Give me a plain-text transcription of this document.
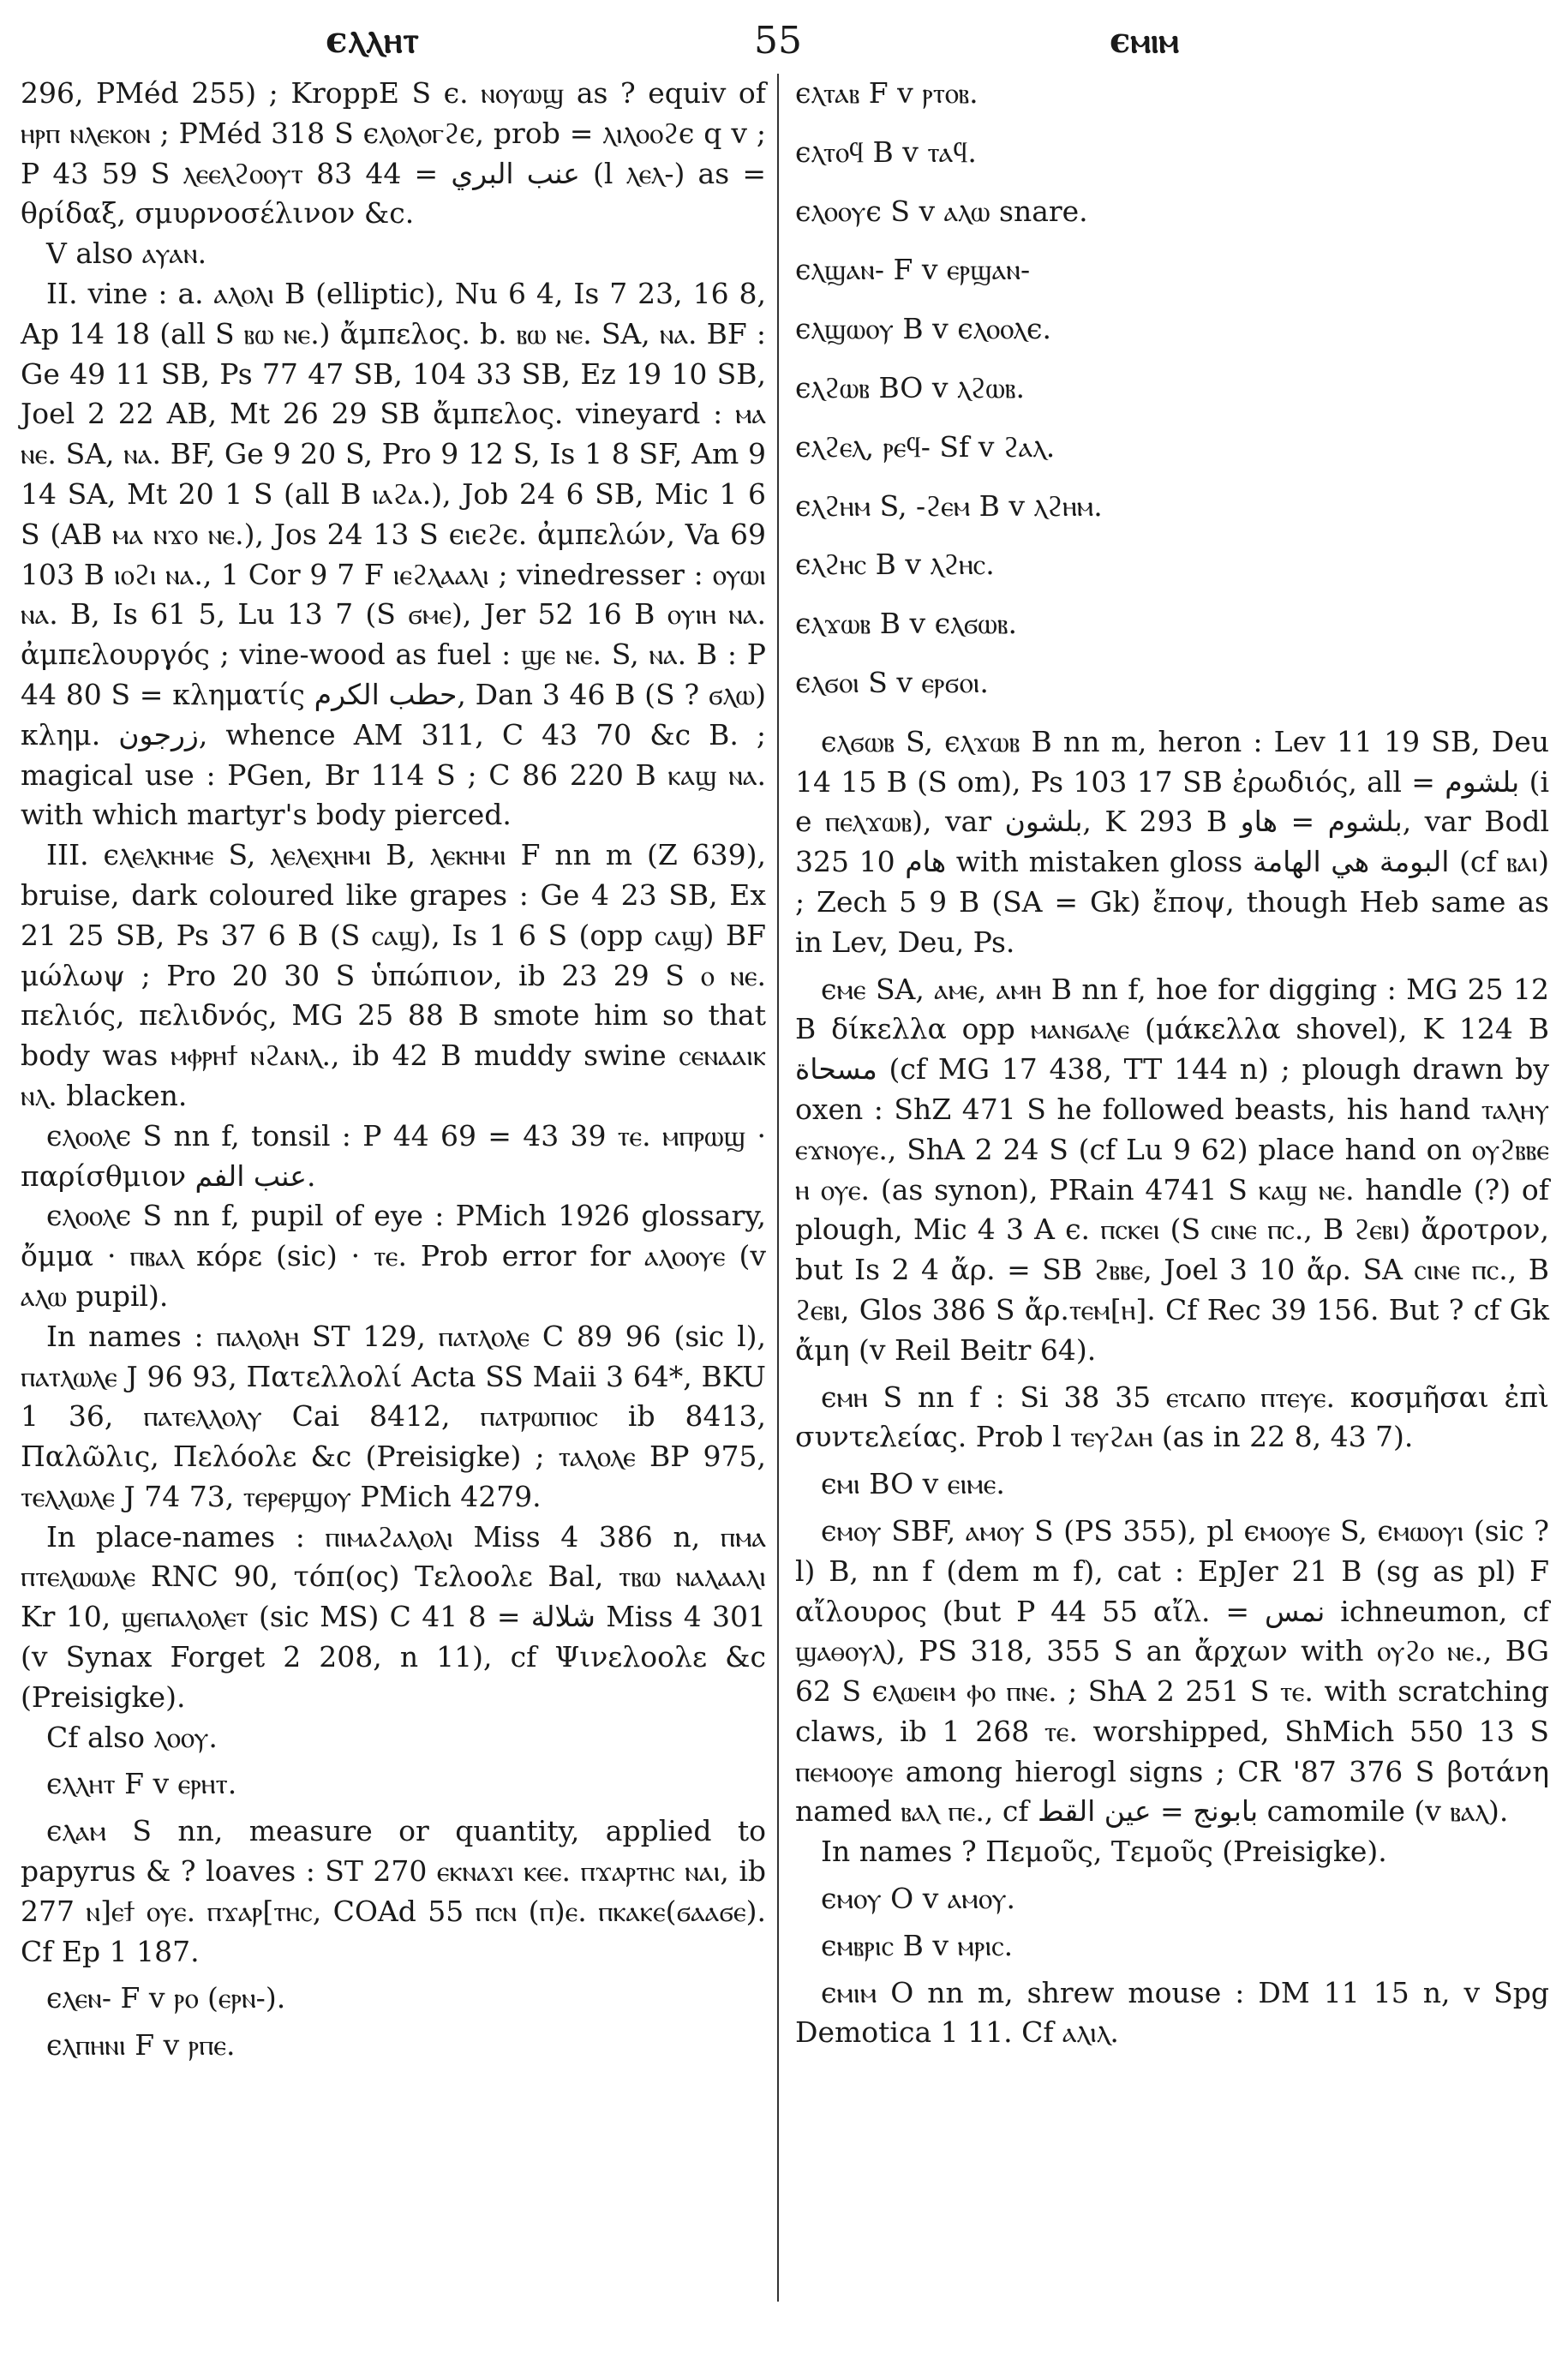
ϵⲗⲗⲏⲧ	55	ϵⲙⲓⲙ

296, PMéd 255) ; KroppE S ϵ. ⲛⲟⲩⲱϣ as ? equiv of ⲏⲣⲡ ⲛⲗⲉⲕⲟⲛ ; PMéd 318 S ϵⲗⲟⲗⲟⲅϩϵ, prob = ⲗⲓⲗⲟⲟϩϵ q v ; P 43 59 S ⲗⲉⲉⲗϩⲟⲟⲩⲧ عنب البري = 44 83 (l ⲗⲉⲗ-) as = θρίδαξ, σμυρνοσέλινον &c.

V also ⲁⲩⲁⲛ.

II. vine : a. ⲁⲗⲟⲗⲓ B (elliptic), Nu 6 4, Is 7 23, 16 8, Ap 14 18 (all S ⲃⲱ ⲛⲉ.) ἄμπελος. b. ⲃⲱ ⲛⲉ. SA, ⲛⲁ. BF : Ge 49 11 SB, Ps 77 47 SB, 104 33 SB, Ez 19 10 SB, Joel 2 22 AB, Mt 26 29 SB ἄμπελος. vineyard : ⲙⲁ ⲛⲉ. SA, ⲛⲁ. BF, Ge 9 20 S, Pro 9 12 S, Is 1 8 SF, Am 9 14 SA, Mt 20 1 S (all B ⲓⲁϩⲁ.), Job 24 6 SB, Mic 1 6 S (AB ⲙⲁ ⲛϫⲟ ⲛⲉ.), Jos 24 13 S ϵⲓϵϩϵ. ἀμπελών, Va 69 103 B ⲓⲟϩⲓ ⲛⲁ., 1 Cor 9 7 F ⲓⲉϩⲗⲁⲁⲗⲓ ; vinedresser : ⲟⲩⲱⲓ ⲛⲁ. B, Is 61 5, Lu 13 7 (S ϭⲙⲉ), Jer 52 16 B ⲟⲩⲓⲏ ⲛⲁ. ἀμπελουργός ; vine-wood as fuel : ϣⲉ ⲛⲉ. S, ⲛⲁ. B : P 44 80 S = κληματίς حطب الكرم, Dan 3 46 B (S ? ϭⲗⲱ) κλημ. زرجون, whence AM 311, C 43 70 &c B. ; magical use : PGen, Br 114 S ; C 86 220 B ⲕⲁϣ ⲛⲁ. with which martyr's body pierced.

III. ϵⲗⲉⲗⲕⲏⲙⲉ S, ⲗⲉⲗⲉⲭⲏⲙⲓ B, ⲗⲉⲕⲏⲙⲓ F nn m (Z 639), bruise, dark coloured like grapes : Ge 4 23 SB, Ex 21 25 SB, Ps 37 6 B (S ⲥⲁϣ), Is 1 6 S (opp ⲥⲁϣ) BF μώλωψ ; Pro 20 30 S ὑπώπιον, ib 23 29 S ⲟ ⲛⲉ. πελιός, πελιδνός, MG 25 88 B smote him so that body was ⲙⲫⲣⲏϯ ⲛϩⲁⲛⲗ., ib 42 B muddy swine ⲥⲉⲛⲁⲁⲓⲕ ⲛⲗ. blacken.

ϵⲗⲟⲟⲗϵ S nn f, tonsil : P 44 69 = 43 39 ⲧⲉ. ⲙⲡⲣⲱϣ · παρίσθμιον عنب الفم.

ϵⲗⲟⲟⲗϵ S nn f, pupil of eye : PMich 1926 glossary, ὄμμα · ⲡⲃⲁⲗ κόρε (sic) · ⲧⲉ. Prob error for ⲁⲗⲟⲟⲩⲉ (v ⲁⲗⲱ pupil).

In names : ⲡⲁⲗⲟⲗⲏ ST 129, ⲡⲁⲧⲗⲟⲗⲉ C 89 96 (sic l), ⲡⲁⲧⲗⲱⲗⲉ J 96 93, Πατελλολί Acta SS Maii 3 64*, BKU 1 36, ⲡⲁⲧⲉⲗⲗⲟⲗⲩ Cai 8412, ⲡⲁⲧⲣⲱⲡⲓⲟⲥ ib 8413, Παλῶλις, Πελόολε &c (Preisigke) ; ⲧⲁⲗⲟⲗⲉ BP 975, ⲧⲉⲗⲗⲱⲗⲉ J 74 73, ⲧⲉⲣⲉⲣϣⲟⲩ PMich 4279.

In place-names : ⲡⲓⲙⲁϩⲁⲗⲟⲗⲓ Miss 4 386 n, ⲡⲙⲁ ⲡⲧⲉⲗⲱⲱⲗⲉ RNC 90, τόπ(ος) Τελοολε Bal, ⲧⲃⲱ ⲛⲁⲗⲁⲁⲗⲓ Kr 10, ϣⲉⲡⲁⲗⲟⲗⲉⲧ (sic MS) C 41 8 = شلالة Miss 4 301 (v Synax Forget 2 208, n 11), cf Ψινελοολε &c (Preisigke).

Cf also ⲗⲟⲟⲩ.

ϵⲗⲗⲏⲧ F v ⲉⲣⲏⲧ.

ϵⲗⲁⲙ S nn, measure or quantity, applied to papyrus & ? loaves : ST 270 ⲉⲕⲛⲁϫⲓ ⲕⲉⲉ. ⲡϫⲁⲣⲧⲏⲥ ⲛⲁⲓ, ib 277 ⲛ]ⲉϯ ⲟⲩⲉ. ⲡϫⲁⲣ[ⲧⲏⲥ, COAd 55 ⲡⲥⲛ (ⲡ)ⲉ. ⲡⲕⲁⲕⲉ(ϭⲁⲁϭⲉ). Cf Ep 1 187.

ϵⲗⲉⲛ- F v ⲣⲟ (ⲉⲣⲛ-).

ϵⲗⲡⲏⲛⲓ F v ⲣⲡⲉ.

ϵⲗⲧⲁⲃ F v ⲣⲧⲟⲃ.

ϵⲗⲧⲟϥ B v ⲧⲁϥ.

ϵⲗⲟⲟⲩϵ S v ⲁⲗⲱ snare.

ϵⲗϣⲁⲛ- F v ⲉⲣϣⲁⲛ-

ϵⲗϣⲱⲟⲩ B v ϵⲗⲟⲟⲗϵ.

ϵⲗϩⲱⲃ BO v ⲗϩⲱⲃ.

ϵⲗϩⲉⲗ, ⲣⲉϥ- Sf v ϩⲁⲗ.

ϵⲗϩⲏⲙ S, -ϩⲉⲙ B v ⲗϩⲏⲙ.

ϵⲗϩⲏⲥ B v ⲗϩⲏⲥ.

ϵⲗϫⲱⲃ B v ϵⲗϭⲱⲃ.

ϵⲗϭⲟⲓ S v ⲉⲣϭⲟⲓ.

ϵⲗϭⲱⲃ S, ϵⲗϫⲱⲃ B nn m, heron : Lev 11 19 SB, Deu 14 15 B (S om), Ps 103 17 SB ἐρωδιός, all = بلشوم (i e ⲡⲉⲗϫⲱⲃ), var بلشون, K 293 B بلشوم = هاو, var Bodl 325 10 هام with mistaken gloss البومة هي الهامة (cf ⲃⲁⲓ) ; Zech 5 9 B (SA = Gk) ἔποψ, though Heb same as in Lev, Deu, Ps.

ϵⲙⲉ SA, ⲁⲙⲉ, ⲁⲙⲏ B nn f, hoe for digging : MG 25 12 B δίκελλα opp ⲙⲁⲛϭⲁⲗⲉ (μάκελλα shovel), K 124 B مسحاة (cf MG 17 438, TT 144 n) ; plough drawn by oxen : ShZ 471 S he followed beasts, his hand ⲧⲁⲗⲏⲩ ⲉϫⲛⲟⲩⲉ., ShA 2 24 S (cf Lu 9 62) place hand on ⲟⲩϩⲃⲃⲉ ⲏ ⲟⲩⲉ. (as synon), PRain 4741 S ⲕⲁϣ ⲛⲉ. handle (?) of plough, Mic 4 3 A ϵ. ⲡⲥⲕⲉⲓ (S ⲥⲓⲛⲉ ⲡⲥ., B ϩⲉⲃⲓ) ἄροτρον, but Is 2 4 ἄρ. = SB ϩⲃⲃⲉ, Joel 3 10 ἄρ. SA ⲥⲓⲛⲉ ⲡⲥ., B ϩⲉⲃⲓ, Glos 386 S ἄρ.ⲧⲉⲙ[ⲏ]. Cf Rec 39 156. But ? cf Gk ἄμη (v Reil Beitr 64).

ϵⲙⲏ S nn f : Si 38 35 ⲉⲧⲥⲁⲡⲟ ⲡⲧⲉⲩⲉ. κοσμῆσαι ἐπὶ συντελείας. Prob l ⲧⲉⲩϩⲁⲏ (as in 22 8, 43 7).

ϵⲙⲓ BO v ⲉⲓⲙⲉ.

ϵⲙⲟⲩ SBF, ⲁⲙⲟⲩ S (PS 355), pl ϵⲙⲟⲟⲩⲉ S, ϵⲙⲱⲟⲩⲓ (sic ? l) B, nn f (dem m f), cat : EpJer 21 B (sg as pl) F αἴλουρος (but P 44 55 αἴλ. = نمس ichneumon, cf ϣⲁⲑⲟⲩⲗ), PS 318, 355 S an ἄρχων with ⲟⲩϩⲟ ⲛⲉ., BG 62 S ϵⲗⲱⲉⲓⲙ ⲫⲟ ⲡⲛⲉ. ; ShA 2 251 S ⲧⲉ. with scratching claws, ib 1 268 ⲧⲉ. worshipped, ShMich 550 13 S ⲡⲉⲙⲟⲟⲩⲉ among hierogl signs ; CR '87 376 S βοτάνη named ⲃⲁⲗ ⲡⲉ., cf بابونج = عين القط camomile (v ⲃⲁⲗ).

In names ? Πεμοῦς, Τεμοῦς (Preisigke).

ϵⲙⲟⲩ O v ⲁⲙⲟⲩ.

ϵⲙⲃⲣⲓⲥ B v ⲙⲣⲓⲥ.

ϵⲙⲓⲙ O nn m, shrew mouse : DM 11 15 n, v Spg Demotica 1 11. Cf ⲁⲗⲓⲗ.
